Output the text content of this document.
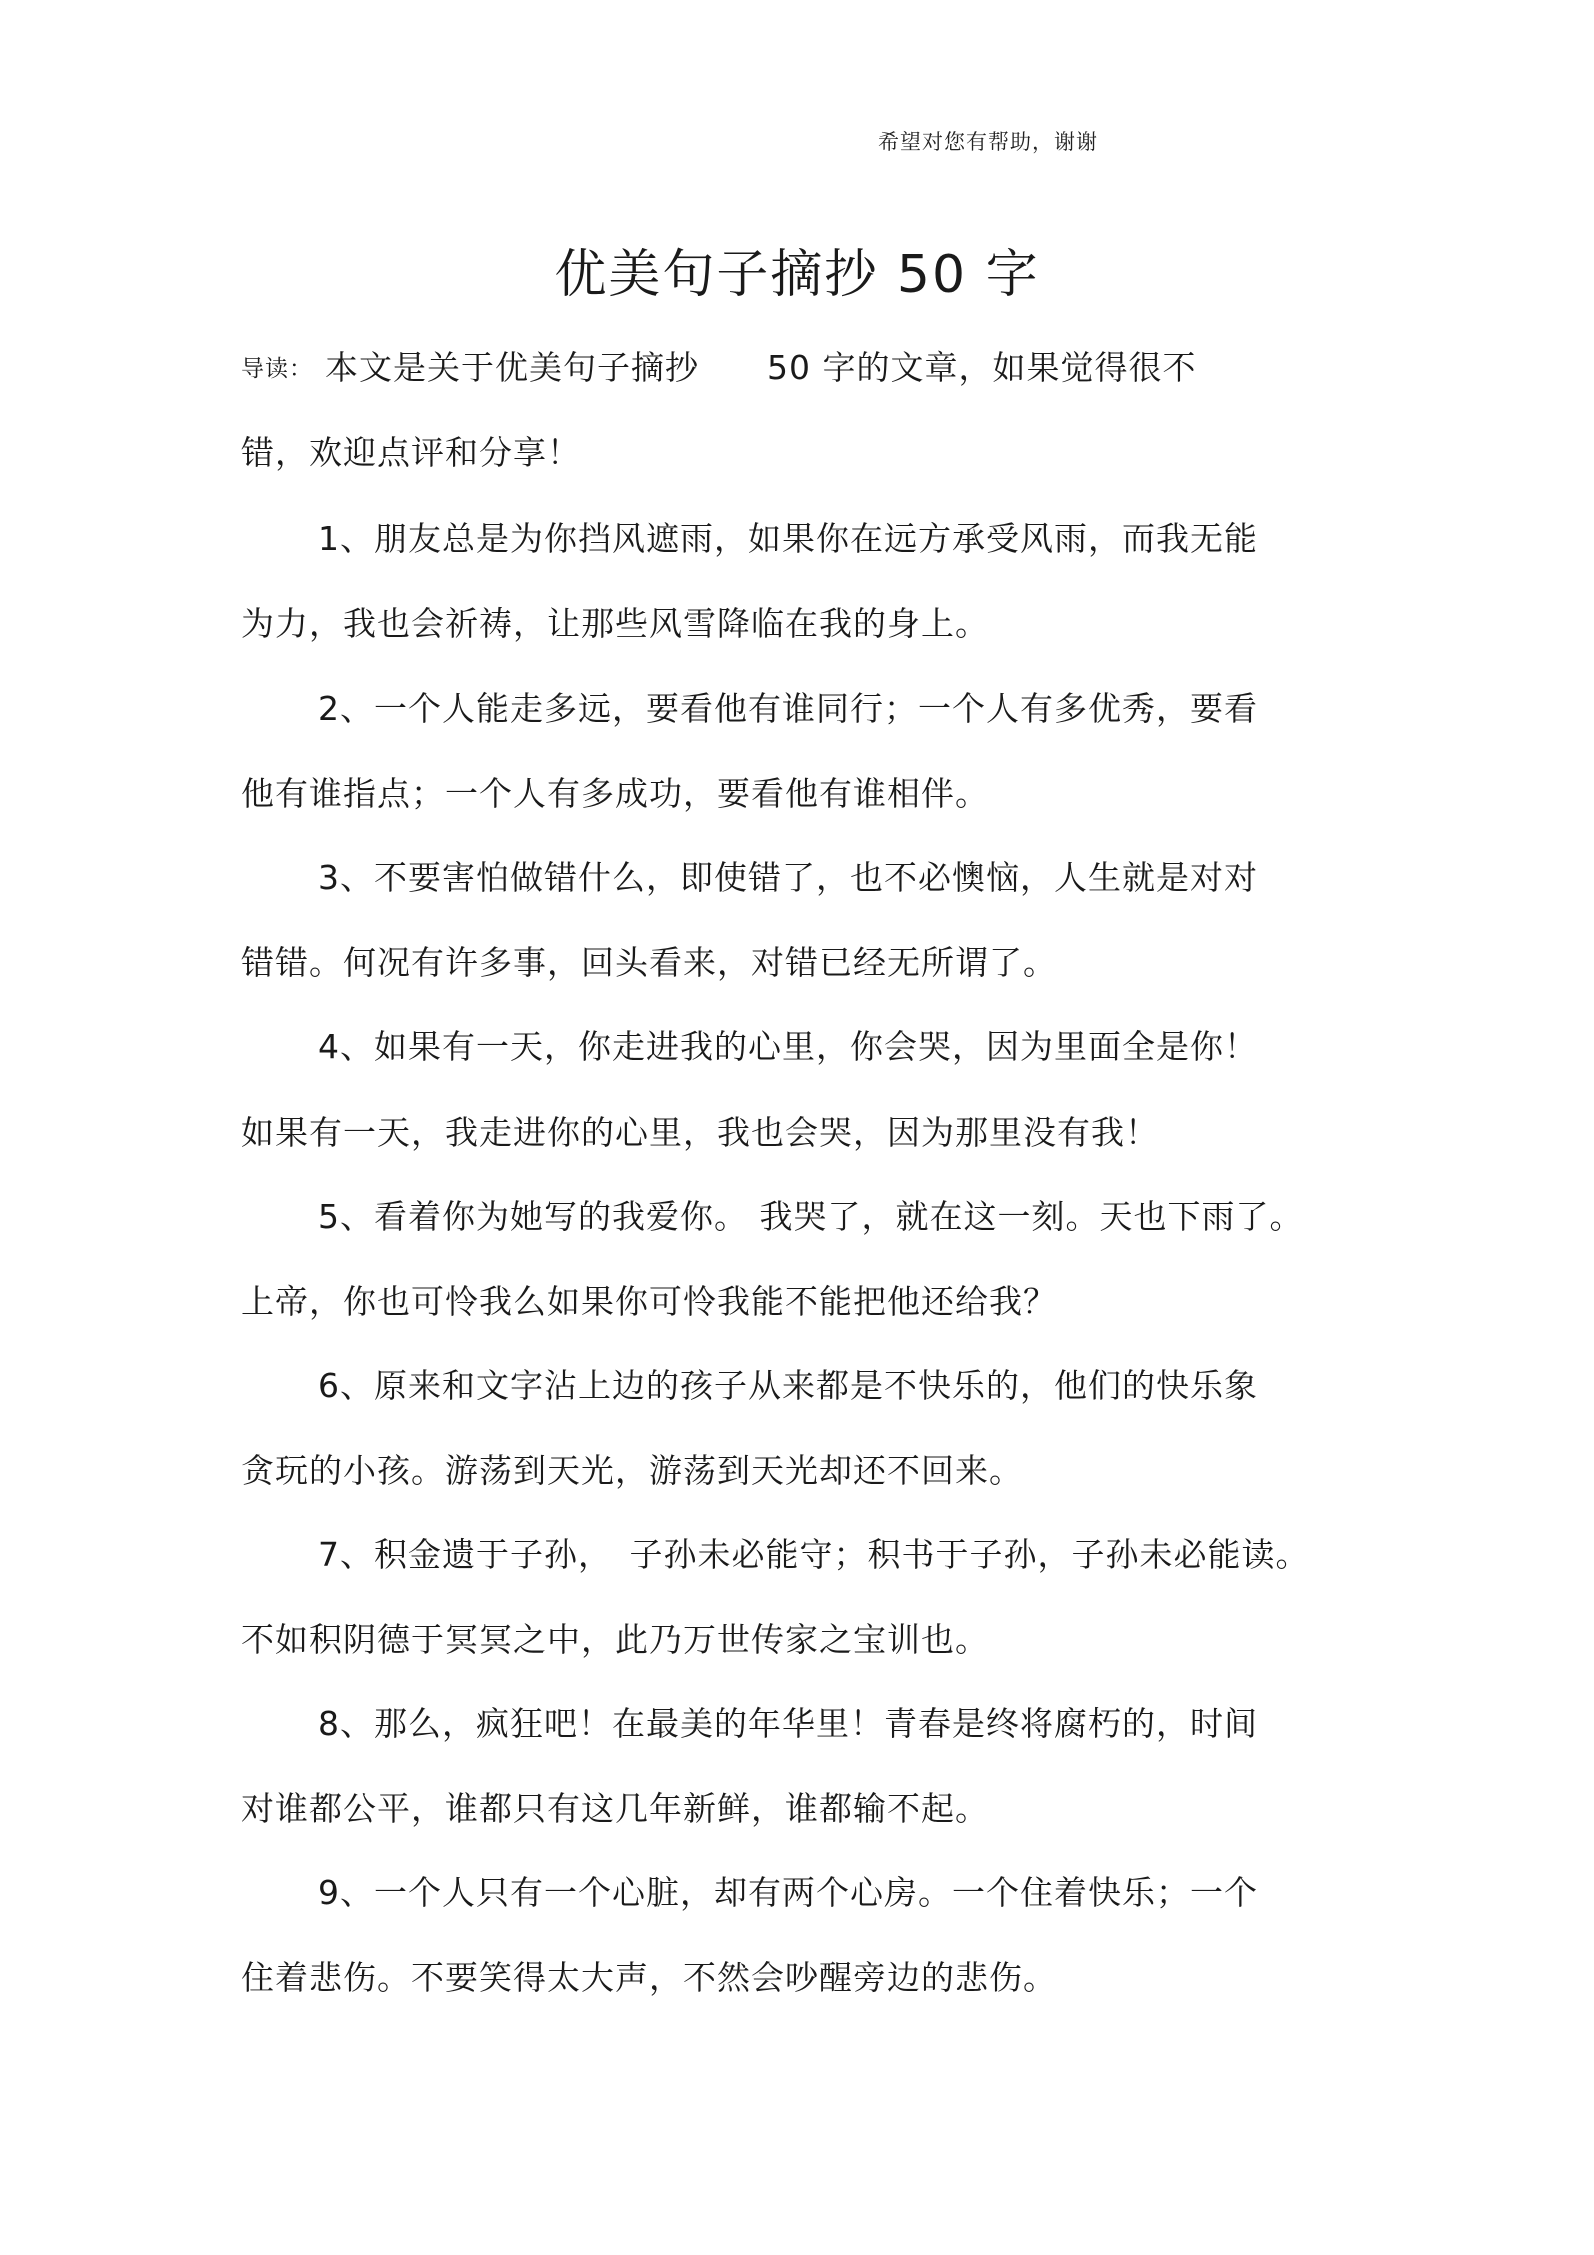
希望对您有帮助，谢谢
优美句子摘抄 50 字
导读： 本文是关于优美句子摘抄　　50 字的文章，如果觉得很不
错，欢迎点评和分享！
1、朋友总是为你挡风遮雨，如果你在远方承受风雨，而我无能
为力，我也会祈祷，让那些风雪降临在我的身上。
2、一个人能走多远，要看他有谁同行；一个人有多优秀，要看
他有谁指点；一个人有多成功，要看他有谁相伴。
3、不要害怕做错什么，即使错了，也不必懊恼，人生就是对对
错错。何况有许多事，回头看来，对错已经无所谓了。
4、如果有一天，你走进我的心里，你会哭，因为里面全是你！
如果有一天，我走进你的心里，我也会哭，因为那里没有我！
5、看着你为她写的我爱你。 我哭了，就在这一刻。天也下雨了。
上帝，你也可怜我么如果你可怜我能不能把他还给我？
6、原来和文字沾上边的孩子从来都是不快乐的，他们的快乐象
贪玩的小孩。游荡到天光，游荡到天光却还不回来。
7、积金遗于子孙，　子孙未必能守；积书于子孙，子孙未必能读。
不如积阴德于冥冥之中，此乃万世传家之宝训也。
8、那么，疯狂吧！在最美的年华里！青春是终将腐朽的，时间
对谁都公平，谁都只有这几年新鲜，谁都输不起。
9、一个人只有一个心脏，却有两个心房。一个住着快乐；一个
住着悲伤。不要笑得太大声，不然会吵醒旁边的悲伤。
